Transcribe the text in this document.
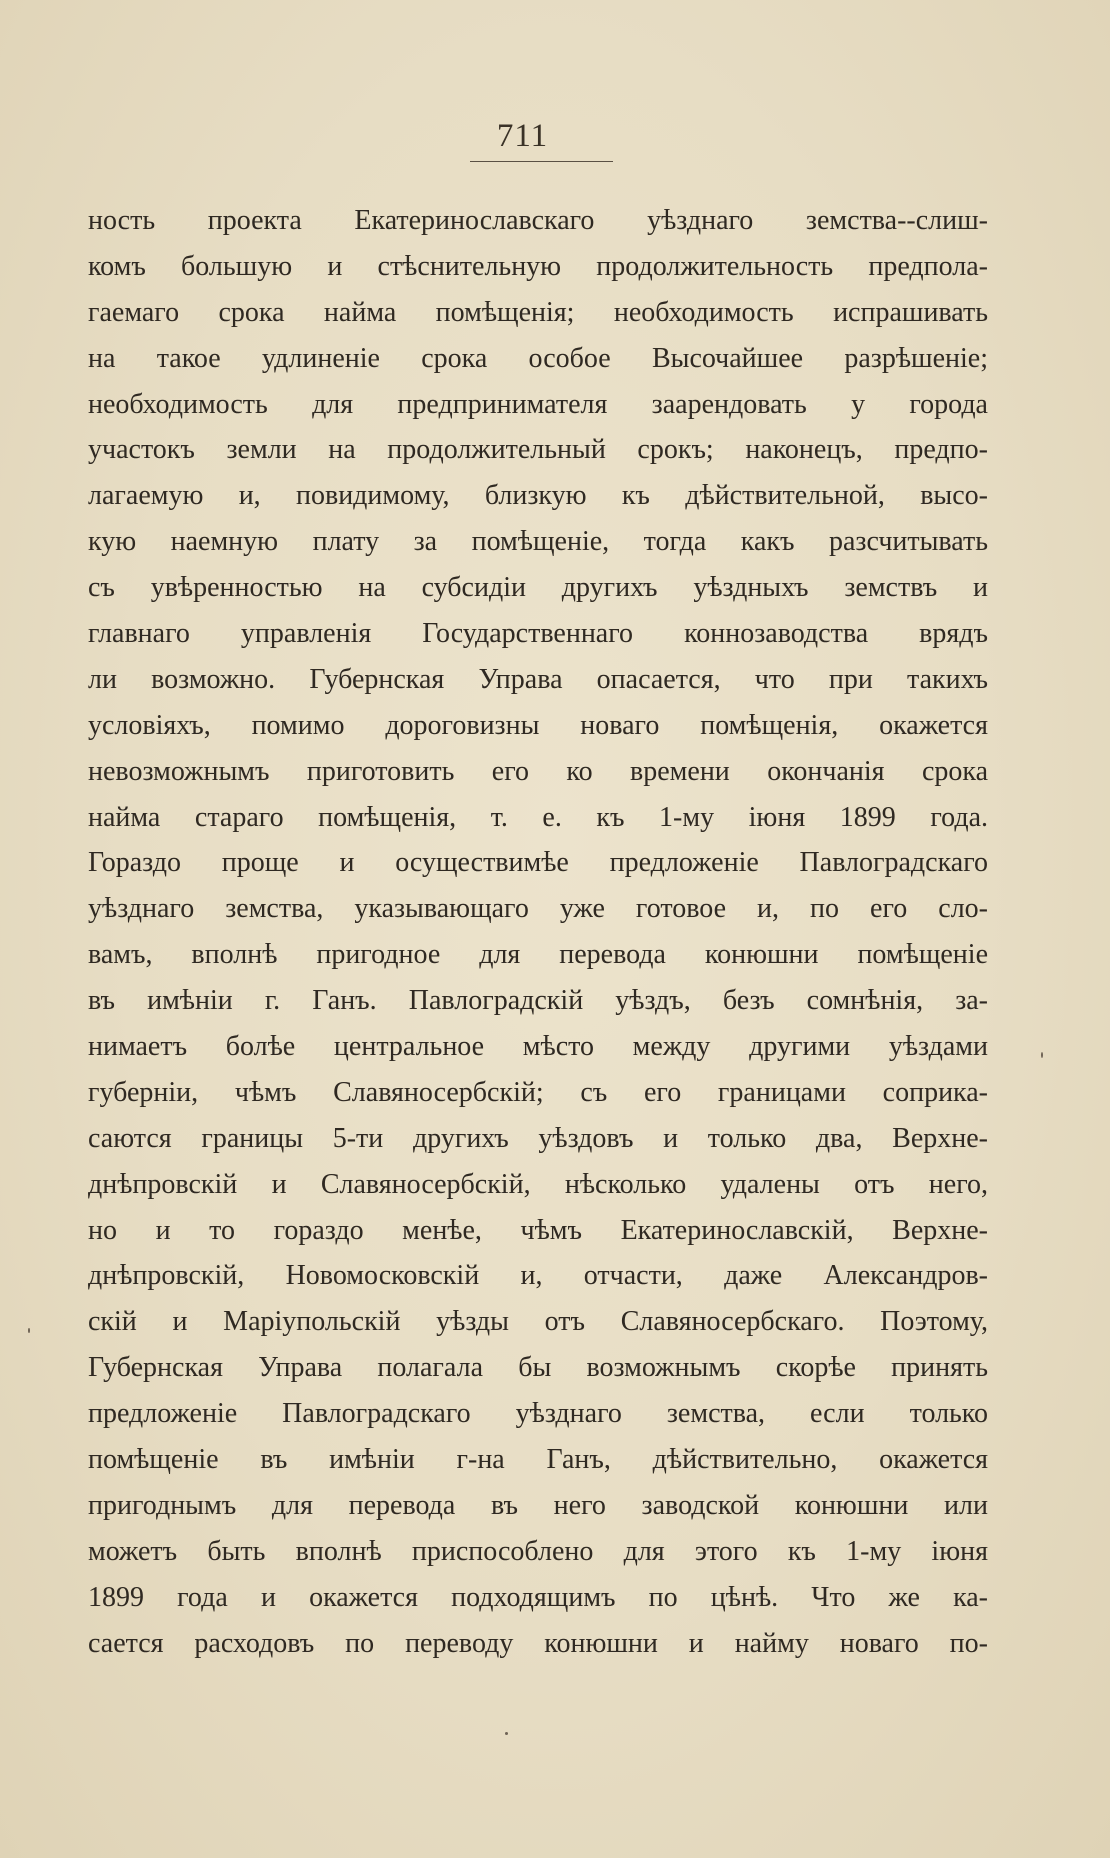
711
ность проекта Екатеринославскаго уѣзднаго земства--слиш-
комъ большую и стѣснительную продолжительность предпола-
гаемаго срока найма помѣщенія; необходимость испрашивать
на такое удлиненіе срока особое Высочайшее разрѣшеніе;
необходимость для предпринимателя заарендовать у города
участокъ земли на продолжительный срокъ; наконецъ, предпо-
лагаемую и, повидимому, близкую къ дѣйствительной, высо-
кую наемную плату за помѣщеніе, тогда какъ разсчитывать
съ увѣренностью на субсидіи другихъ уѣздныхъ земствъ и
главнаго управленія Государственнаго коннозаводства врядъ
ли возможно. Губернская Управа опасается, что при такихъ
условіяхъ, помимо дороговизны новаго помѣщенія, окажется
невозможнымъ приготовить его ко времени окончанія срока
найма стараго помѣщенія, т. е. къ 1-му іюня 1899 года.
Гораздо проще и осуществимѣе предложеніе Павлоградскаго
уѣзднаго земства, указывающаго уже готовое и, по его сло-
вамъ, вполнѣ пригодное для перевода конюшни помѣщеніе
въ имѣніи г. Ганъ. Павлоградскій уѣздъ, безъ сомнѣнія, за-
нимаетъ болѣе центральное мѣсто между другими уѣздами
губерніи, чѣмъ Славяносербскій; съ его границами соприка-
саются границы 5-ти другихъ уѣздовъ и только два, Верхне-
днѣпровскій и Славяносербскій, нѣсколько удалены отъ него,
но и то гораздо менѣе, чѣмъ Екатеринославскій, Верхне-
днѣпровскій, Новомосковскій и, отчасти, даже Александров-
скій и Маріупольскій уѣзды отъ Славяносербскаго. Поэтому,
Губернская Управа полагала бы возможнымъ скорѣе принять
предложеніе Павлоградскаго уѣзднаго земства, если только
помѣщеніе въ имѣніи г-на Ганъ, дѣйствительно, окажется
пригоднымъ для перевода въ него заводской конюшни или
можетъ быть вполнѣ приспособлено для этого къ 1-му іюня
1899 года и окажется подходящимъ по цѣнѣ. Что же ка-
сается расходовъ по переводу конюшни и найму новаго по-
